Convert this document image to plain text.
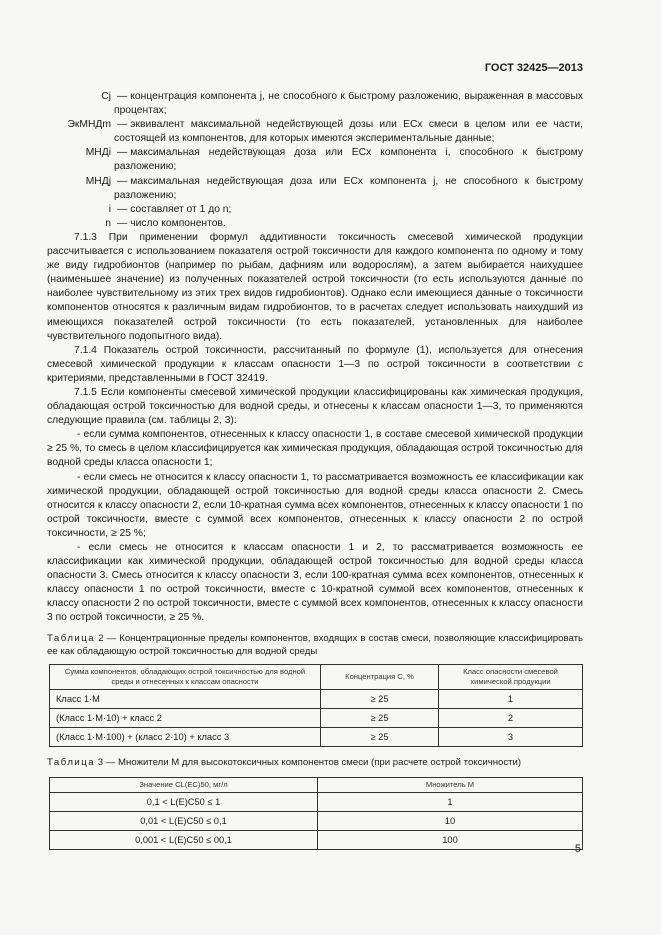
ГОСТ 32425—2013
Cj — концентрация компонента j, не способного к быстрому разложению, выраженная в массовых процентах;
ЭкМНДm — эквивалент максимальной недействующей дозы или ECx смеси в целом или ее части, состоящей из компонентов, для которых имеются экспериментальные данные;
МНДi — максимальная недействующая доза или ECx компонента i, способного к быстрому разложению;
МНДj — максимальная недействующая доза или ECx компонента j, не способного к быстрому разложению;
i — составляет от 1 до n;
n — число компонентов.

7.1.3 При применении формул аддитивности токсичность смесевой химической продукции рассчитывается с использованием показателя острой токсичности для каждого компонента по одному и тому же виду гидробионтов (например по рыбам, дафниям или водорослям), а затем выбирается наихудшее (наименьшее значение) из полученных показателей острой токсичности (то есть используются данные по наиболее чувствительному из этих трех видов гидробионтов). Однако если имеющиеся данные о токсичности компонентов относятся к различным видам гидробионтов, то в расчетах следует использовать наихудший из имеющихся показателей острой токсичности (то есть показателей, установленных для наиболее чувствительного подопытного вида).

7.1.4 Показатель острой токсичности, рассчитанный по формуле (1), используется для отнесения смесевой химической продукции к классам опасности 1—3 по острой токсичности в соответствии с критериями, представленными в ГОСТ 32419.

7.1.5 Если компоненты смесевой химической продукции классифицированы как химическая продукция, обладающая острой токсичностью для водной среды, и отнесены к классам опасности 1—3, то применяются следующие правила (см. таблицы 2, 3):

- если сумма компонентов, отнесенных к классу опасности 1, в составе смесевой химической продукции ≥ 25 %, то смесь в целом классифицируется как химическая продукция, обладающая острой токсичностью для водной среды класса опасности 1;

- если смесь не относится к классу опасности 1, то рассматривается возможность ее классификации как химической продукции, обладающей острой токсичностью для водной среды класса опасности 2. Смесь относится к классу опасности 2, если 10-кратная сумма всех компонентов, отнесенных к классу опасности 1 по острой токсичности, вместе с суммой всех компонентов, отнесенных к классу опасности 2 по острой токсичности, ≥ 25 %;

- если смесь не относится к классам опасности 1 и 2, то рассматривается возможность ее классификации как химической продукции, обладающей острой токсичностью для водной среды класса опасности 3. Смесь относится к классу опасности 3, если 100-кратная сумма всех компонентов, отнесенных к классу опасности 1 по острой токсичности, вместе с 10-кратной суммой всех компонентов, отнесенных к классу опасности 2 по острой токсичности, вместе с суммой всех компонентов, отнесенных к классу опасности 3 по острой токсичности, ≥ 25 %.

Таблица 2 — Концентрационные пределы компонентов, входящих в состав смеси, позволяющие классифицировать ее как обладающую острой токсичностью для водной среды
Сумма компонентов, обладающих острой токсичностью для водной среды и отнесенных к классам опасности	Концентрация С, %	Класс опасности смесевой химической продукции
Класс 1·M	≥ 25	1
(Класс 1·M·10) + класс 2	≥ 25	2
(Класс 1·M·100) + (класс 2·10) + класс 3	≥ 25	3
Таблица 3 — Множители М для высокотоксичных компонентов смеси (при расчете острой токсичности)
Значение CL(EC)50, мг/л	Множитель М
0,1 < L(E)C50 ≤ 1	1
0,01 < L(E)C50 ≤ 0,1	10
0,001 < L(E)C50 ≤ 00,1	100
5
